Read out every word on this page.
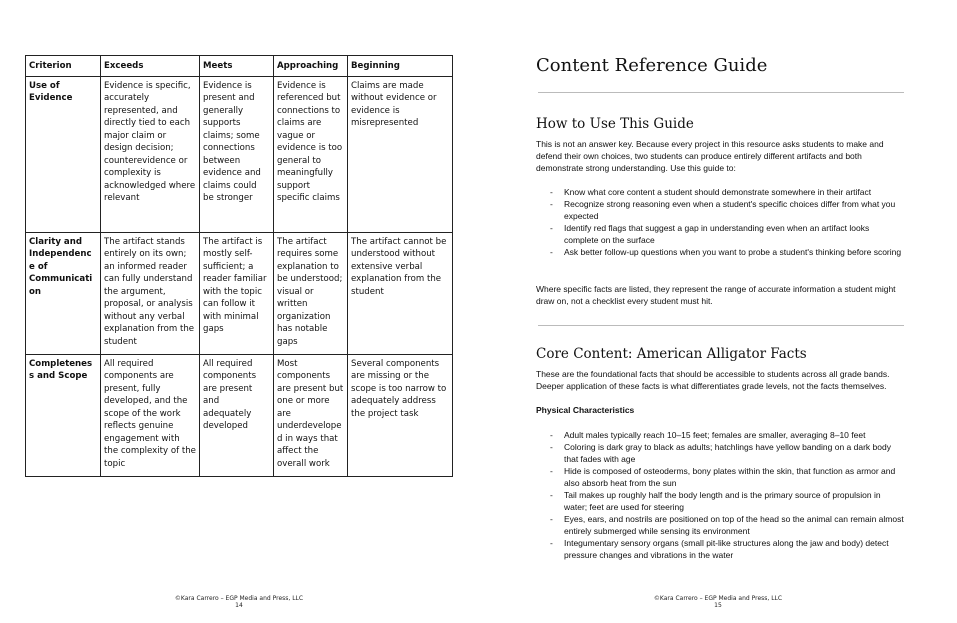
Criterion	Exceeds	Meets	Approaching	Beginning
Use of Evidence	Evidence is specific, accurately represented, and directly tied to each major claim or design decision; counterevidence or complexity is acknowledged where relevant	Evidence is present and generally supports claims; some connections between evidence and claims could be stronger	Evidence is referenced but connections to claims are vague or evidence is too general to meaningfully support specific claims	Claims are made without evidence or evidence is misrepresented
Clarity and Independence of Communication	The artifact stands entirely on its own; an informed reader can fully understand the argument, proposal, or analysis without any verbal explanation from the student	The artifact is mostly self-sufficient; a reader familiar with the topic can follow it with minimal gaps	The artifact requires some explanation to be understood; visual or written organization has notable gaps	The artifact cannot be understood without extensive verbal explanation from the student
Completeness and Scope	All required components are present, fully developed, and the scope of the work reflects genuine engagement with the complexity of the topic	All required components are present and adequately developed	Most components are present but one or more are underdeveloped in ways that affect the overall work	Several components are missing or the scope is too narrow to adequately address the project task
©Kara Carrero – EGP Media and Press, LLC
14
Content Reference Guide
How to Use This Guide
This is not an answer key. Because every project in this resource asks students to make and defend their own choices, two students can produce entirely different artifacts and both demonstrate strong understanding. Use this guide to:
- Know what core content a student should demonstrate somewhere in their artifact
- Recognize strong reasoning even when a student's specific choices differ from what you expected
- Identify red flags that suggest a gap in understanding even when an artifact looks complete on the surface
- Ask better follow-up questions when you want to probe a student's thinking before scoring
Where specific facts are listed, they represent the range of accurate information a student might draw on, not a checklist every student must hit.
Core Content: American Alligator Facts
These are the foundational facts that should be accessible to students across all grade bands. Deeper application of these facts is what differentiates grade levels, not the facts themselves.
Physical Characteristics
- Adult males typically reach 10–15 feet; females are smaller, averaging 8–10 feet
- Coloring is dark gray to black as adults; hatchlings have yellow banding on a dark body that fades with age
- Hide is composed of osteoderms, bony plates within the skin, that function as armor and also absorb heat from the sun
- Tail makes up roughly half the body length and is the primary source of propulsion in water; feet are used for steering
- Eyes, ears, and nostrils are positioned on top of the head so the animal can remain almost entirely submerged while sensing its environment
- Integumentary sensory organs (small pit-like structures along the jaw and body) detect pressure changes and vibrations in the water
©Kara Carrero – EGP Media and Press, LLC
15
